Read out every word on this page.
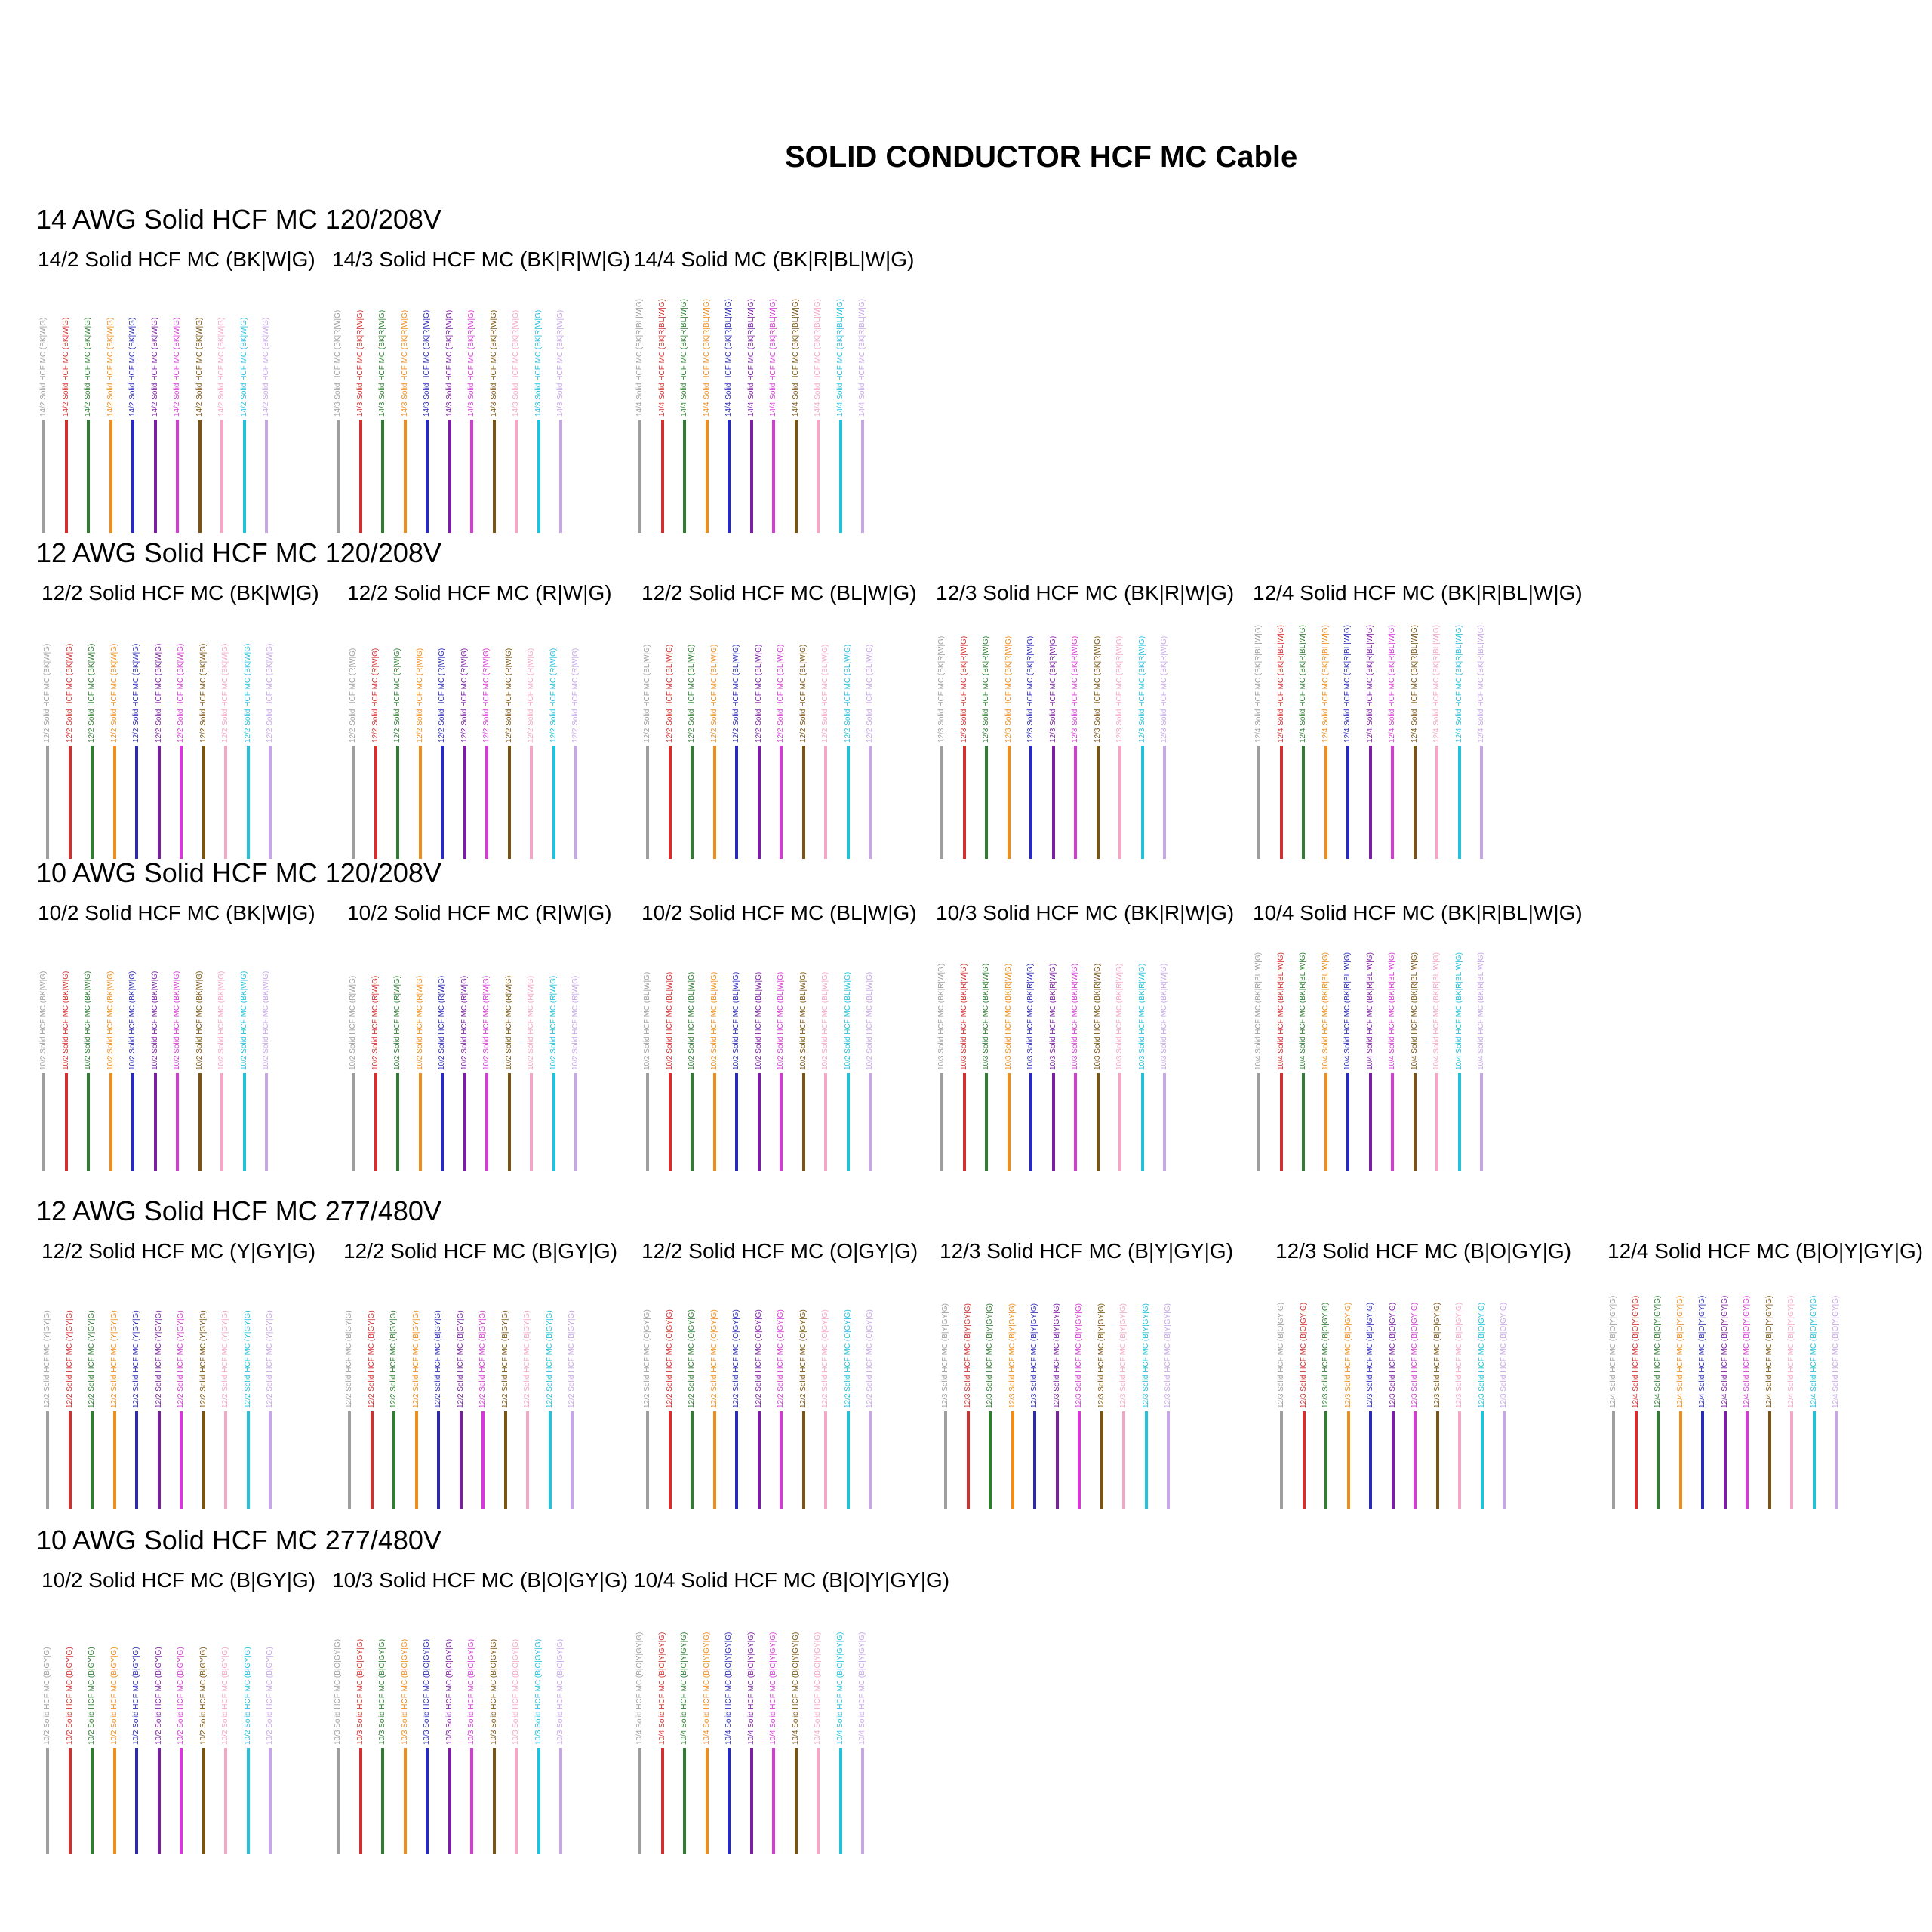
SOLID CONDUCTOR HCF MC Cable
14 AWG Solid HCF MC 120/208V
14/2 Solid HCF MC (BK|W|G)
14/2 Solid HCF MC (BK|W|G) 14/2 Solid HCF MC (BK|W|G) 14/2 Solid HCF MC (BK|W|G) 14/2 Solid HCF MC (BK|W|G) 14/2 Solid HCF MC (BK|W|G) 14/2 Solid HCF MC (BK|W|G) 14/2 Solid HCF MC (BK|W|G) 14/2 Solid HCF MC (BK|W|G) 14/2 Solid HCF MC (BK|W|G) 14/2 Solid HCF MC (BK|W|G) 14/2 Solid HCF MC (BK|W|G)
14/3 Solid HCF MC (BK|R|W|G)
14/3 Solid HCF MC (BK|R|W|G) 14/3 Solid HCF MC (BK|R|W|G) 14/3 Solid HCF MC (BK|R|W|G) 14/3 Solid HCF MC (BK|R|W|G) 14/3 Solid HCF MC (BK|R|W|G) 14/3 Solid HCF MC (BK|R|W|G) 14/3 Solid HCF MC (BK|R|W|G) 14/3 Solid HCF MC (BK|R|W|G) 14/3 Solid HCF MC (BK|R|W|G) 14/3 Solid HCF MC (BK|R|W|G) 14/3 Solid HCF MC (BK|R|W|G)
14/4 Solid MC (BK|R|BL|W|G)
14/4 Solid HCF MC (BK|R|BL|W|G) 14/4 Solid HCF MC (BK|R|BL|W|G) 14/4 Solid HCF MC (BK|R|BL|W|G) 14/4 Solid HCF MC (BK|R|BL|W|G) 14/4 Solid HCF MC (BK|R|BL|W|G) 14/4 Solid HCF MC (BK|R|BL|W|G) 14/4 Solid HCF MC (BK|R|BL|W|G) 14/4 Solid HCF MC (BK|R|BL|W|G) 14/4 Solid HCF MC (BK|R|BL|W|G) 14/4 Solid HCF MC (BK|R|BL|W|G) 14/4 Solid HCF MC (BK|R|BL|W|G)
12 AWG Solid HCF MC 120/208V
12/2 Solid HCF MC (BK|W|G)
12/2 Solid HCF MC (BK|W|G) 12/2 Solid HCF MC (BK|W|G) 12/2 Solid HCF MC (BK|W|G) 12/2 Solid HCF MC (BK|W|G) 12/2 Solid HCF MC (BK|W|G) 12/2 Solid HCF MC (BK|W|G) 12/2 Solid HCF MC (BK|W|G) 12/2 Solid HCF MC (BK|W|G) 12/2 Solid HCF MC (BK|W|G) 12/2 Solid HCF MC (BK|W|G) 12/2 Solid HCF MC (BK|W|G)
12/2 Solid HCF MC (R|W|G)
12/2 Solid HCF MC (R|W|G) 12/2 Solid HCF MC (R|W|G) 12/2 Solid HCF MC (R|W|G) 12/2 Solid HCF MC (R|W|G) 12/2 Solid HCF MC (R|W|G) 12/2 Solid HCF MC (R|W|G) 12/2 Solid HCF MC (R|W|G) 12/2 Solid HCF MC (R|W|G) 12/2 Solid HCF MC (R|W|G) 12/2 Solid HCF MC (R|W|G) 12/2 Solid HCF MC (R|W|G)
12/2 Solid HCF MC (BL|W|G)
12/2 Solid HCF MC (BL|W|G) 12/2 Solid HCF MC (BL|W|G) 12/2 Solid HCF MC (BL|W|G) 12/2 Solid HCF MC (BL|W|G) 12/2 Solid HCF MC (BL|W|G) 12/2 Solid HCF MC (BL|W|G) 12/2 Solid HCF MC (BL|W|G) 12/2 Solid HCF MC (BL|W|G) 12/2 Solid HCF MC (BL|W|G) 12/2 Solid HCF MC (BL|W|G) 12/2 Solid HCF MC (BL|W|G)
12/3 Solid HCF MC (BK|R|W|G)
12/3 Solid HCF MC (BK|R|W|G) 12/3 Solid HCF MC (BK|R|W|G) 12/3 Solid HCF MC (BK|R|W|G) 12/3 Solid HCF MC (BK|R|W|G) 12/3 Solid HCF MC (BK|R|W|G) 12/3 Solid HCF MC (BK|R|W|G) 12/3 Solid HCF MC (BK|R|W|G) 12/3 Solid HCF MC (BK|R|W|G) 12/3 Solid HCF MC (BK|R|W|G) 12/3 Solid HCF MC (BK|R|W|G) 12/3 Solid HCF MC (BK|R|W|G)
12/4 Solid HCF MC (BK|R|BL|W|G)
12/4 Solid HCF MC (BK|R|BL|W|G) 12/4 Solid HCF MC (BK|R|BL|W|G) 12/4 Solid HCF MC (BK|R|BL|W|G) 12/4 Solid HCF MC (BK|R|BL|W|G) 12/4 Solid HCF MC (BK|R|BL|W|G) 12/4 Solid HCF MC (BK|R|BL|W|G) 12/4 Solid HCF MC (BK|R|BL|W|G) 12/4 Solid HCF MC (BK|R|BL|W|G) 12/4 Solid HCF MC (BK|R|BL|W|G) 12/4 Solid HCF MC (BK|R|BL|W|G) 12/4 Solid HCF MC (BK|R|BL|W|G)
10 AWG Solid HCF MC 120/208V
10/2 Solid HCF MC (BK|W|G)
10/2 Solid HCF MC (BK|W|G) 10/2 Solid HCF MC (BK|W|G) 10/2 Solid HCF MC (BK|W|G) 10/2 Solid HCF MC (BK|W|G) 10/2 Solid HCF MC (BK|W|G) 10/2 Solid HCF MC (BK|W|G) 10/2 Solid HCF MC (BK|W|G) 10/2 Solid HCF MC (BK|W|G) 10/2 Solid HCF MC (BK|W|G) 10/2 Solid HCF MC (BK|W|G) 10/2 Solid HCF MC (BK|W|G)
10/2 Solid HCF MC (R|W|G)
10/2 Solid HCF MC (R|W|G) 10/2 Solid HCF MC (R|W|G) 10/2 Solid HCF MC (R|W|G) 10/2 Solid HCF MC (R|W|G) 10/2 Solid HCF MC (R|W|G) 10/2 Solid HCF MC (R|W|G) 10/2 Solid HCF MC (R|W|G) 10/2 Solid HCF MC (R|W|G) 10/2 Solid HCF MC (R|W|G) 10/2 Solid HCF MC (R|W|G) 10/2 Solid HCF MC (R|W|G)
10/2 Solid HCF MC (BL|W|G)
10/2 Solid HCF MC (BL|W|G) 10/2 Solid HCF MC (BL|W|G) 10/2 Solid HCF MC (BL|W|G) 10/2 Solid HCF MC (BL|W|G) 10/2 Solid HCF MC (BL|W|G) 10/2 Solid HCF MC (BL|W|G) 10/2 Solid HCF MC (BL|W|G) 10/2 Solid HCF MC (BL|W|G) 10/2 Solid HCF MC (BL|W|G) 10/2 Solid HCF MC (BL|W|G) 10/2 Solid HCF MC (BL|W|G)
10/3 Solid HCF MC (BK|R|W|G)
10/3 Solid HCF MC (BK|R|W|G) 10/3 Solid HCF MC (BK|R|W|G) 10/3 Solid HCF MC (BK|R|W|G) 10/3 Solid HCF MC (BK|R|W|G) 10/3 Solid HCF MC (BK|R|W|G) 10/3 Solid HCF MC (BK|R|W|G) 10/3 Solid HCF MC (BK|R|W|G) 10/3 Solid HCF MC (BK|R|W|G) 10/3 Solid HCF MC (BK|R|W|G) 10/3 Solid HCF MC (BK|R|W|G) 10/3 Solid HCF MC (BK|R|W|G)
10/4 Solid HCF MC (BK|R|BL|W|G)
10/4 Solid HCF MC (BK|R|BL|W|G) 10/4 Solid HCF MC (BK|R|BL|W|G) 10/4 Solid HCF MC (BK|R|BL|W|G) 10/4 Solid HCF MC (BK|R|BL|W|G) 10/4 Solid HCF MC (BK|R|BL|W|G) 10/4 Solid HCF MC (BK|R|BL|W|G) 10/4 Solid HCF MC (BK|R|BL|W|G) 10/4 Solid HCF MC (BK|R|BL|W|G) 10/4 Solid HCF MC (BK|R|BL|W|G) 10/4 Solid HCF MC (BK|R|BL|W|G) 10/4 Solid HCF MC (BK|R|BL|W|G)
12 AWG Solid HCF MC 277/480V
12/2 Solid HCF MC (Y|GY|G)
12/2 Solid HCF MC (Y|GY|G) 12/2 Solid HCF MC (Y|GY|G) 12/2 Solid HCF MC (Y|GY|G) 12/2 Solid HCF MC (Y|GY|G) 12/2 Solid HCF MC (Y|GY|G) 12/2 Solid HCF MC (Y|GY|G) 12/2 Solid HCF MC (Y|GY|G) 12/2 Solid HCF MC (Y|GY|G) 12/2 Solid HCF MC (Y|GY|G) 12/2 Solid HCF MC (Y|GY|G) 12/2 Solid HCF MC (Y|GY|G)
12/2 Solid HCF MC (B|GY|G)
12/2 Solid HCF MC (B|GY|G) 12/2 Solid HCF MC (B|GY|G) 12/2 Solid HCF MC (B|GY|G) 12/2 Solid HCF MC (B|GY|G) 12/2 Solid HCF MC (B|GY|G) 12/2 Solid HCF MC (B|GY|G) 12/2 Solid HCF MC (B|GY|G) 12/2 Solid HCF MC (B|GY|G) 12/2 Solid HCF MC (B|GY|G) 12/2 Solid HCF MC (B|GY|G) 12/2 Solid HCF MC (B|GY|G)
12/2 Solid HCF MC (O|GY|G)
12/2 Solid HCF MC (O|GY|G) 12/2 Solid HCF MC (O|GY|G) 12/2 Solid HCF MC (O|GY|G) 12/2 Solid HCF MC (O|GY|G) 12/2 Solid HCF MC (O|GY|G) 12/2 Solid HCF MC (O|GY|G) 12/2 Solid HCF MC (O|GY|G) 12/2 Solid HCF MC (O|GY|G) 12/2 Solid HCF MC (O|GY|G) 12/2 Solid HCF MC (O|GY|G) 12/2 Solid HCF MC (O|GY|G)
12/3 Solid HCF MC (B|Y|GY|G)
12/3 Solid HCF MC (B|Y|GY|G) 12/3 Solid HCF MC (B|Y|GY|G) 12/3 Solid HCF MC (B|Y|GY|G) 12/3 Solid HCF MC (B|Y|GY|G) 12/3 Solid HCF MC (B|Y|GY|G) 12/3 Solid HCF MC (B|Y|GY|G) 12/3 Solid HCF MC (B|Y|GY|G) 12/3 Solid HCF MC (B|Y|GY|G) 12/3 Solid HCF MC (B|Y|GY|G) 12/3 Solid HCF MC (B|Y|GY|G) 12/3 Solid HCF MC (B|Y|GY|G)
12/3 Solid HCF MC (B|O|GY|G)
12/3 Solid HCF MC (B|O|GY|G) 12/3 Solid HCF MC (B|O|GY|G) 12/3 Solid HCF MC (B|O|GY|G) 12/3 Solid HCF MC (B|O|GY|G) 12/3 Solid HCF MC (B|O|GY|G) 12/3 Solid HCF MC (B|O|GY|G) 12/3 Solid HCF MC (B|O|GY|G) 12/3 Solid HCF MC (B|O|GY|G) 12/3 Solid HCF MC (B|O|GY|G) 12/3 Solid HCF MC (B|O|GY|G) 12/3 Solid HCF MC (B|O|GY|G)
12/4 Solid HCF MC (B|O|Y|GY|G)
12/4 Solid HCF MC (B|O|Y|GY|G) 12/4 Solid HCF MC (B|O|Y|GY|G) 12/4 Solid HCF MC (B|O|Y|GY|G) 12/4 Solid HCF MC (B|O|Y|GY|G) 12/4 Solid HCF MC (B|O|Y|GY|G) 12/4 Solid HCF MC (B|O|Y|GY|G) 12/4 Solid HCF MC (B|O|Y|GY|G) 12/4 Solid HCF MC (B|O|Y|GY|G) 12/4 Solid HCF MC (B|O|Y|GY|G) 12/4 Solid HCF MC (B|O|Y|GY|G) 12/4 Solid HCF MC (B|O|Y|GY|G)
10 AWG Solid HCF MC 277/480V
10/2 Solid HCF MC (B|GY|G)
10/2 Solid HCF MC (B|GY|G) 10/2 Solid HCF MC (B|GY|G) 10/2 Solid HCF MC (B|GY|G) 10/2 Solid HCF MC (B|GY|G) 10/2 Solid HCF MC (B|GY|G) 10/2 Solid HCF MC (B|GY|G) 10/2 Solid HCF MC (B|GY|G) 10/2 Solid HCF MC (B|GY|G) 10/2 Solid HCF MC (B|GY|G) 10/2 Solid HCF MC (B|GY|G) 10/2 Solid HCF MC (B|GY|G)
10/3 Solid HCF MC (B|O|GY|G)
10/3 Solid HCF MC (B|O|GY|G) 10/3 Solid HCF MC (B|O|GY|G) 10/3 Solid HCF MC (B|O|GY|G) 10/3 Solid HCF MC (B|O|GY|G) 10/3 Solid HCF MC (B|O|GY|G) 10/3 Solid HCF MC (B|O|GY|G) 10/3 Solid HCF MC (B|O|GY|G) 10/3 Solid HCF MC (B|O|GY|G) 10/3 Solid HCF MC (B|O|GY|G) 10/3 Solid HCF MC (B|O|GY|G) 10/3 Solid HCF MC (B|O|GY|G)
10/4 Solid HCF MC (B|O|Y|GY|G)
10/4 Solid HCF MC (B|O|Y|GY|G) 10/4 Solid HCF MC (B|O|Y|GY|G) 10/4 Solid HCF MC (B|O|Y|GY|G) 10/4 Solid HCF MC (B|O|Y|GY|G) 10/4 Solid HCF MC (B|O|Y|GY|G) 10/4 Solid HCF MC (B|O|Y|GY|G) 10/4 Solid HCF MC (B|O|Y|GY|G) 10/4 Solid HCF MC (B|O|Y|GY|G) 10/4 Solid HCF MC (B|O|Y|GY|G) 10/4 Solid HCF MC (B|O|Y|GY|G) 10/4 Solid HCF MC (B|O|Y|GY|G)
